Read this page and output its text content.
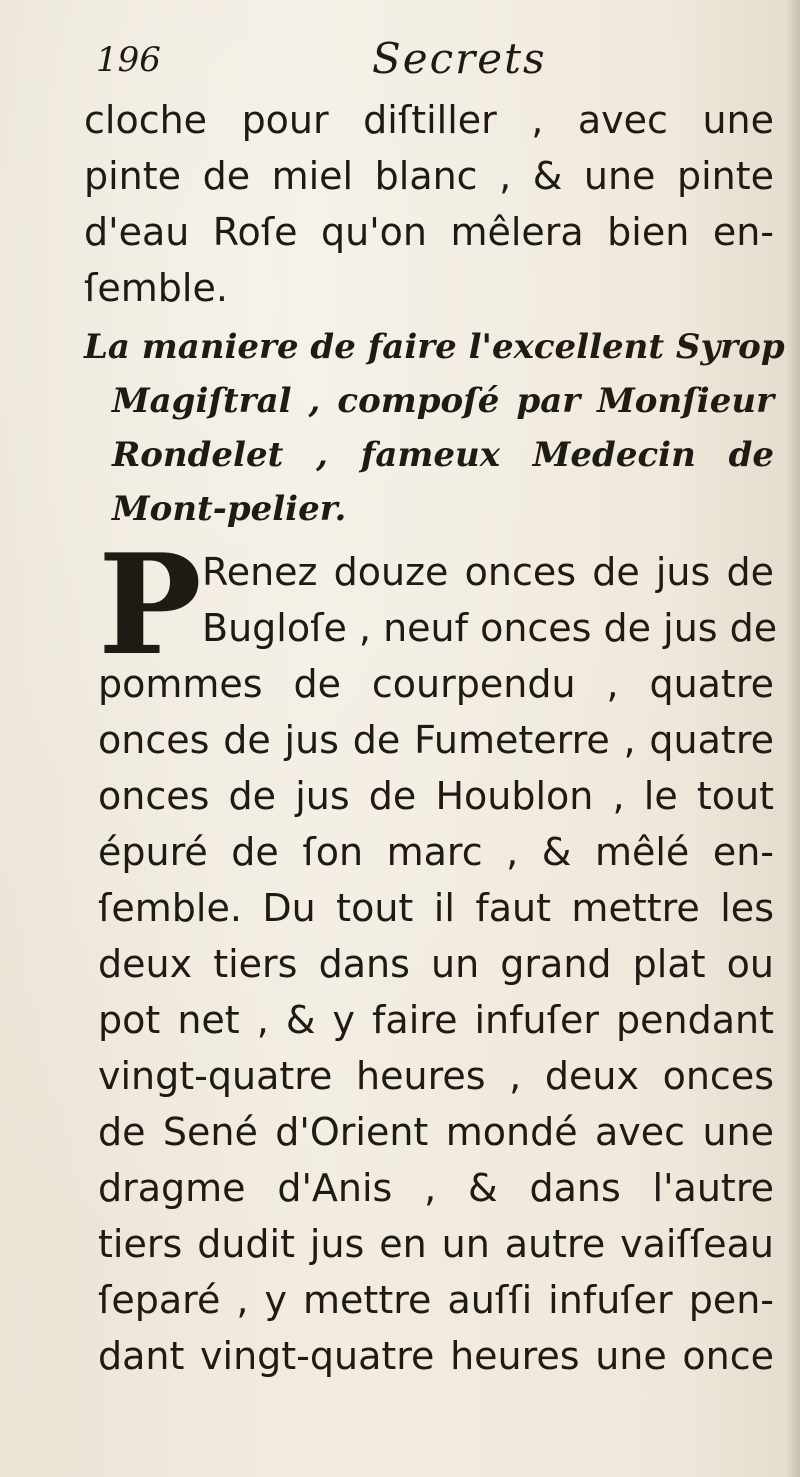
196	Secrets
cloche pour diſtiller , avec une
pinte de miel blanc , & une pinte
d'eau Roſe qu'on mêlera bien en-
ſemble.
La maniere de faire l'excellent Syrop
Magiſtral , compoſé par Monſieur
Rondelet , fameux Medecin de
Mont-pelier.
P Renez douze onces de jus de
Bugloſe , neuf onces de jus de
pommes de courpendu , quatre
onces de jus de Fumeterre , quatre
onces de jus de Houblon , le tout
épuré de ſon marc , & mêlé en-
ſemble. Du tout il faut mettre les
deux tiers dans un grand plat ou
pot net , & y faire infuſer pendant
vingt-quatre heures , deux onces
de Sené d'Orient mondé avec une
dragme d'Anis , & dans l'autre
tiers dudit jus en un autre vaiſſeau
ſeparé , y mettre auſſi infuſer pen-
dant vingt-quatre heures une once
